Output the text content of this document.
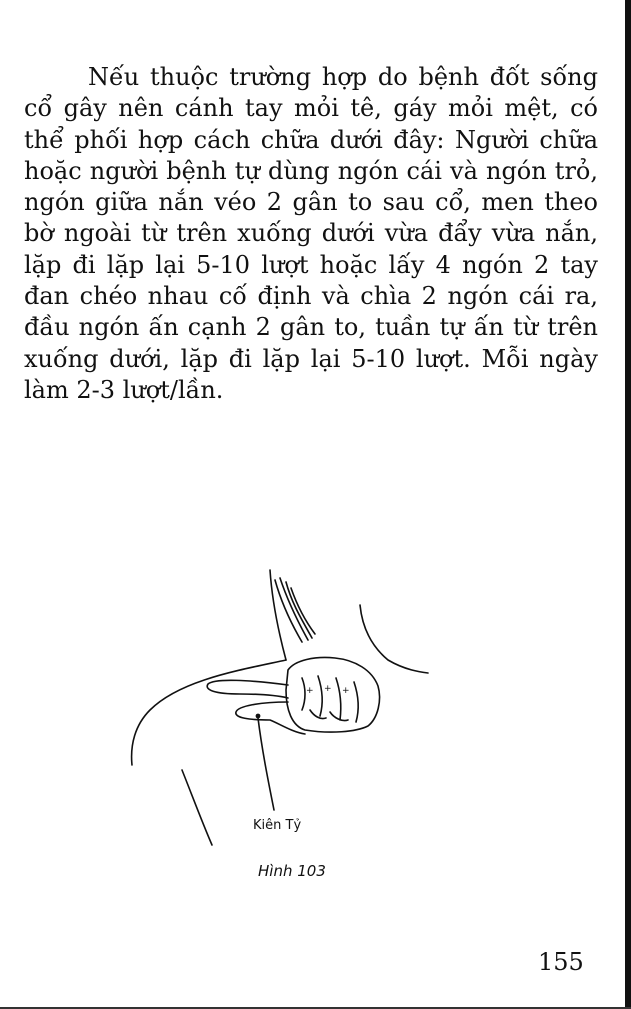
Nếu thuộc trường hợp do bệnh đốt sống cổ gây nên cánh tay mỏi tê, gáy mỏi mệt, có thể phối hợp cách chữa dưới đây: Người chữa hoặc người bệnh tự dùng ngón cái và ngón trỏ, ngón giữa nắn véo 2 gân to sau cổ, men theo bờ ngoài từ trên xuống dưới vừa đẩy vừa nắn, lặp đi lặp lại 5-10 lượt hoặc lấy 4 ngón 2 tay đan chéo nhau cố định và chìa 2 ngón cái ra, đầu ngón ấn cạnh 2 gân to, tuần tự ấn từ trên xuống dưới, lặp đi lặp lại 5-10 lượt. Mỗi ngày làm 2-3 lượt/lần.

+ + +

Kiên Tỷ

Hình 103

155
